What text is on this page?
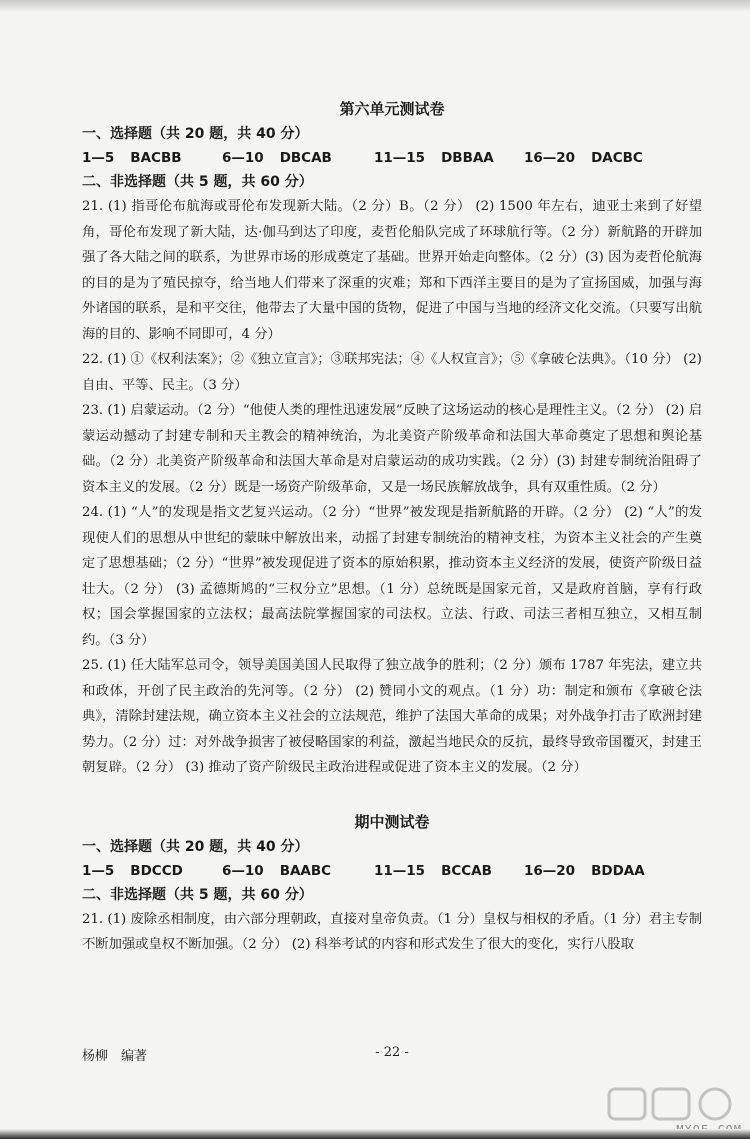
第六单元测试卷
一、选择题（共 20 题，共 40 分）
1—5 BACBB	6—10 DBCAB	11—15 DBBAA 16—20 DACBC
二、非选择题（共 5 题，共 60 分）

21. (1) 指哥伦布航海或哥伦布发现新大陆。（2 分）B。（2 分） (2) 1500 年左右，迪亚士来到了好望角，哥伦布发现了新大陆，达·伽马到达了印度，麦哲伦船队完成了环球航行等。（2 分）新航路的开辟加强了各大陆之间的联系，为世界市场的形成奠定了基础。世界开始走向整体。（2 分）(3) 因为麦哲伦航海的目的是为了殖民掠夺，给当地人们带来了深重的灾难；郑和下西洋主要目的是为了宣扬国威，加强与海外诸国的联系，是和平交往，他带去了大量中国的货物，促进了中国与当地的经济文化交流。（只要写出航海的目的、影响不同即可，4 分）

22. (1) ①《权利法案》；②《独立宣言》；③联邦宪法；④《人权宣言》；⑤《拿破仑法典》。（10 分） (2) 自由、平等、民主。（3 分）

23. (1) 启蒙运动。（2 分）“他使人类的理性迅速发展”反映了这场运动的核心是理性主义。（2 分） (2) 启蒙运动撼动了封建专制和天主教会的精神统治，为北美资产阶级革命和法国大革命奠定了思想和舆论基础。（2 分）北美资产阶级革命和法国大革命是对启蒙运动的成功实践。（2 分）(3) 封建专制统治阻碍了资本主义的发展。（2 分）既是一场资产阶级革命，又是一场民族解放战争，具有双重性质。（2 分）

24. (1) “人”的发现是指文艺复兴运动。（2 分）“世界”被发现是指新航路的开辟。（2 分） (2) “人”的发现使人们的思想从中世纪的蒙昧中解放出来，动摇了封建专制统治的精神支柱，为资本主义社会的产生奠定了思想基础；（2 分）“世界”被发现促进了资本的原始积累，推动资本主义经济的发展，使资产阶级日益壮大。（2 分） (3) 孟德斯鸠的“三权分立”思想。（1 分）总统既是国家元首，又是政府首脑，享有行政权；国会掌握国家的立法权；最高法院掌握国家的司法权。立法、行政、司法三者相互独立，又相互制约。（3 分）

25. (1) 任大陆军总司令，领导美国美国人民取得了独立战争的胜利；（2 分）颁布 1787 年宪法，建立共和政体，开创了民主政治的先河等。（2 分） (2) 赞同小文的观点。（1 分）功：制定和颁布《拿破仑法典》，清除封建法规，确立资本主义社会的立法规范，维护了法国大革命的成果；对外战争打击了欧洲封建势力。（2 分）过：对外战争损害了被侵略国家的利益，激起当地民众的反抗，最终导致帝国覆灭，封建王朝复辟。（2 分） (3) 推动了资产阶级民主政治进程或促进了资本主义的发展。（2 分）

期中测试卷
一、选择题（共 20 题，共 40 分）
1—5 BDCCD	6—10 BAABC	11—15 BCCAB 16—20 BDDAA
二、非选择题（共 5 题，共 60 分）

21. (1) 废除丞相制度，由六部分理朝政，直接对皇帝负责。（1 分）皇权与相权的矛盾。（1 分）君主专制不断加强或皇权不断加强。（2 分） (2) 科举考试的内容和形式发生了很大的变化，实行八股取

杨柳　编著	- 22 -
